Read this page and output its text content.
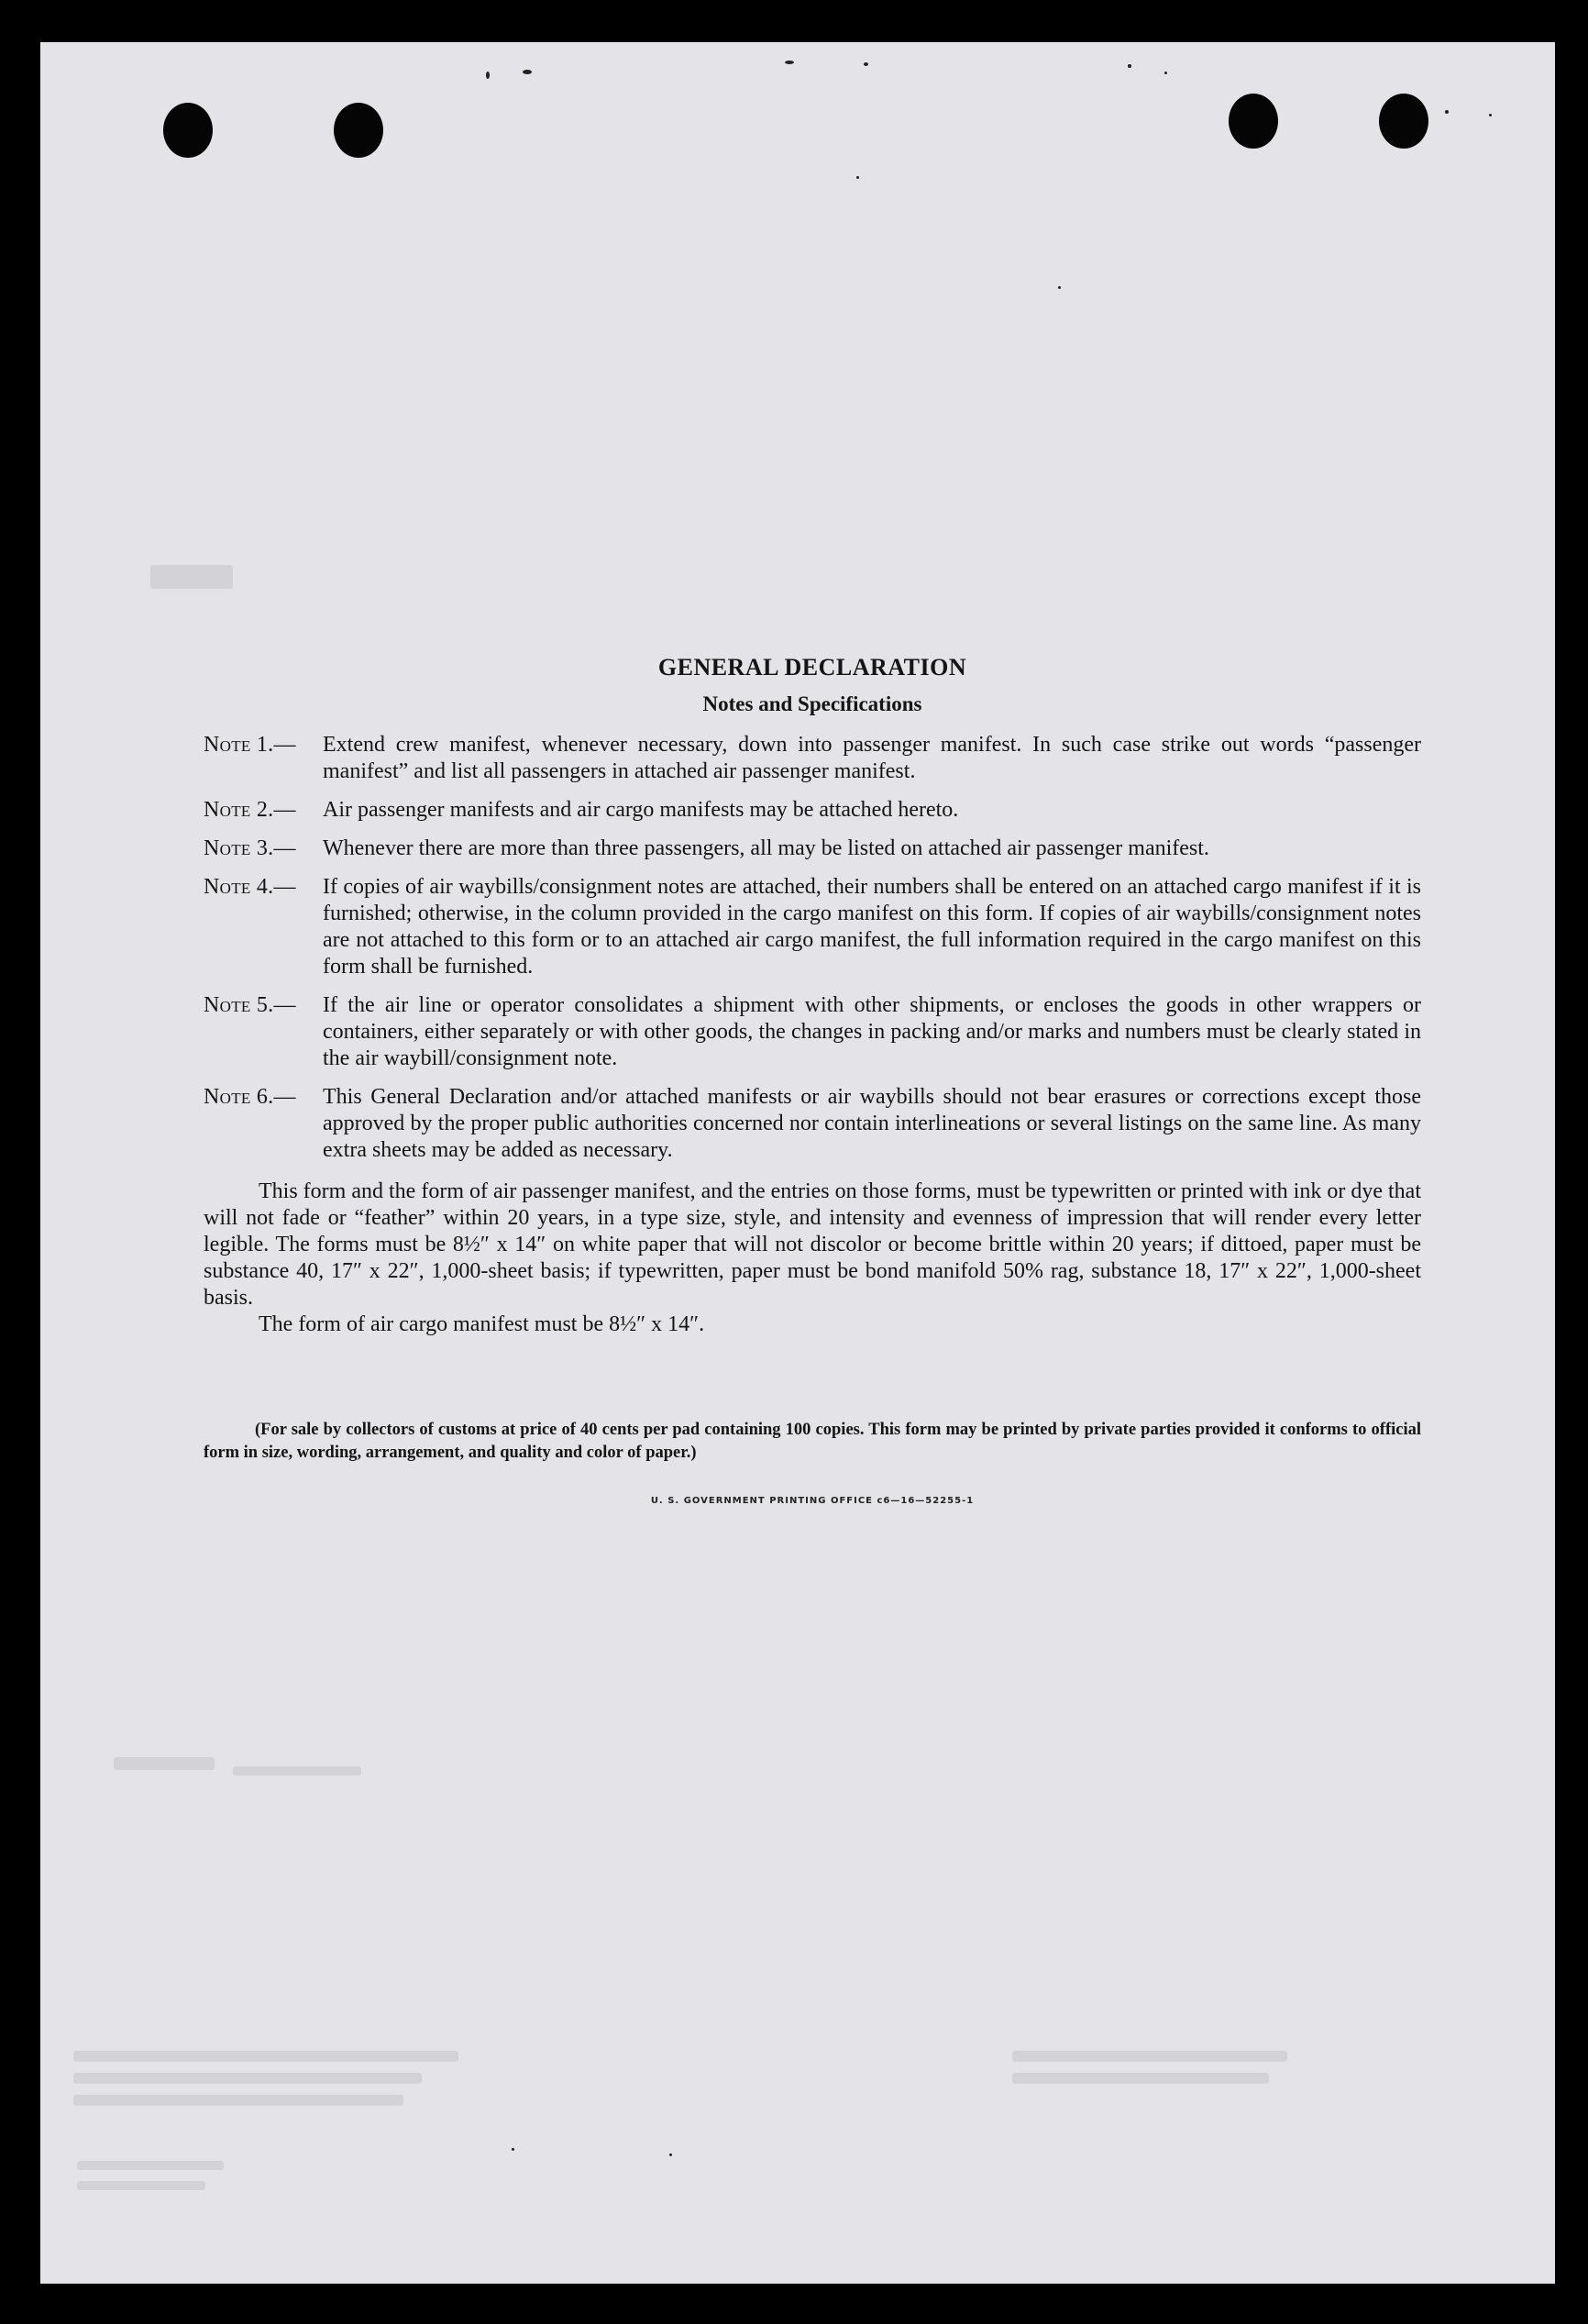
GENERAL DECLARATION
Notes and Specifications
Note 1.— Extend crew manifest, whenever necessary, down into passenger manifest. In such case strike out words “passenger manifest” and list all passengers in attached air passenger manifest.
Note 2.— Air passenger manifests and air cargo manifests may be attached hereto.
Note 3.— Whenever there are more than three passengers, all may be listed on attached air passenger manifest.
Note 4.— If copies of air waybills/consignment notes are attached, their numbers shall be entered on an attached cargo manifest if it is furnished; otherwise, in the column provided in the cargo manifest on this form. If copies of air waybills/consignment notes are not attached to this form or to an attached air cargo manifest, the full information required in the cargo manifest on this form shall be furnished.
Note 5.— If the air line or operator consolidates a shipment with other shipments, or encloses the goods in other wrappers or containers, either separately or with other goods, the changes in packing and/or marks and numbers must be clearly stated in the air waybill/consignment note.
Note 6.— This General Declaration and/or attached manifests or air waybills should not bear erasures or corrections except those approved by the proper public authorities concerned nor contain interlineations or several listings on the same line. As many extra sheets may be added as necessary.

This form and the form of air passenger manifest, and the entries on those forms, must be typewritten or printed with ink or dye that will not fade or “feather” within 20 years, in a type size, style, and intensity and evenness of impression that will render every letter legible. The forms must be 8½″ x 14″ on white paper that will not discolor or become brittle within 20 years; if dittoed, paper must be substance 40, 17″ x 22″, 1,000-sheet basis; if typewritten, paper must be bond manifold 50% rag, substance 18, 17″ x 22″, 1,000-sheet basis.

The form of air cargo manifest must be 8½″ x 14″.

(For sale by collectors of customs at price of 40 cents per pad containing 100 copies. This form may be printed by private parties provided it conforms to official form in size, wording, arrangement, and quality and color of paper.)

U. S. GOVERNMENT PRINTING OFFICE c6—16—52255-1
